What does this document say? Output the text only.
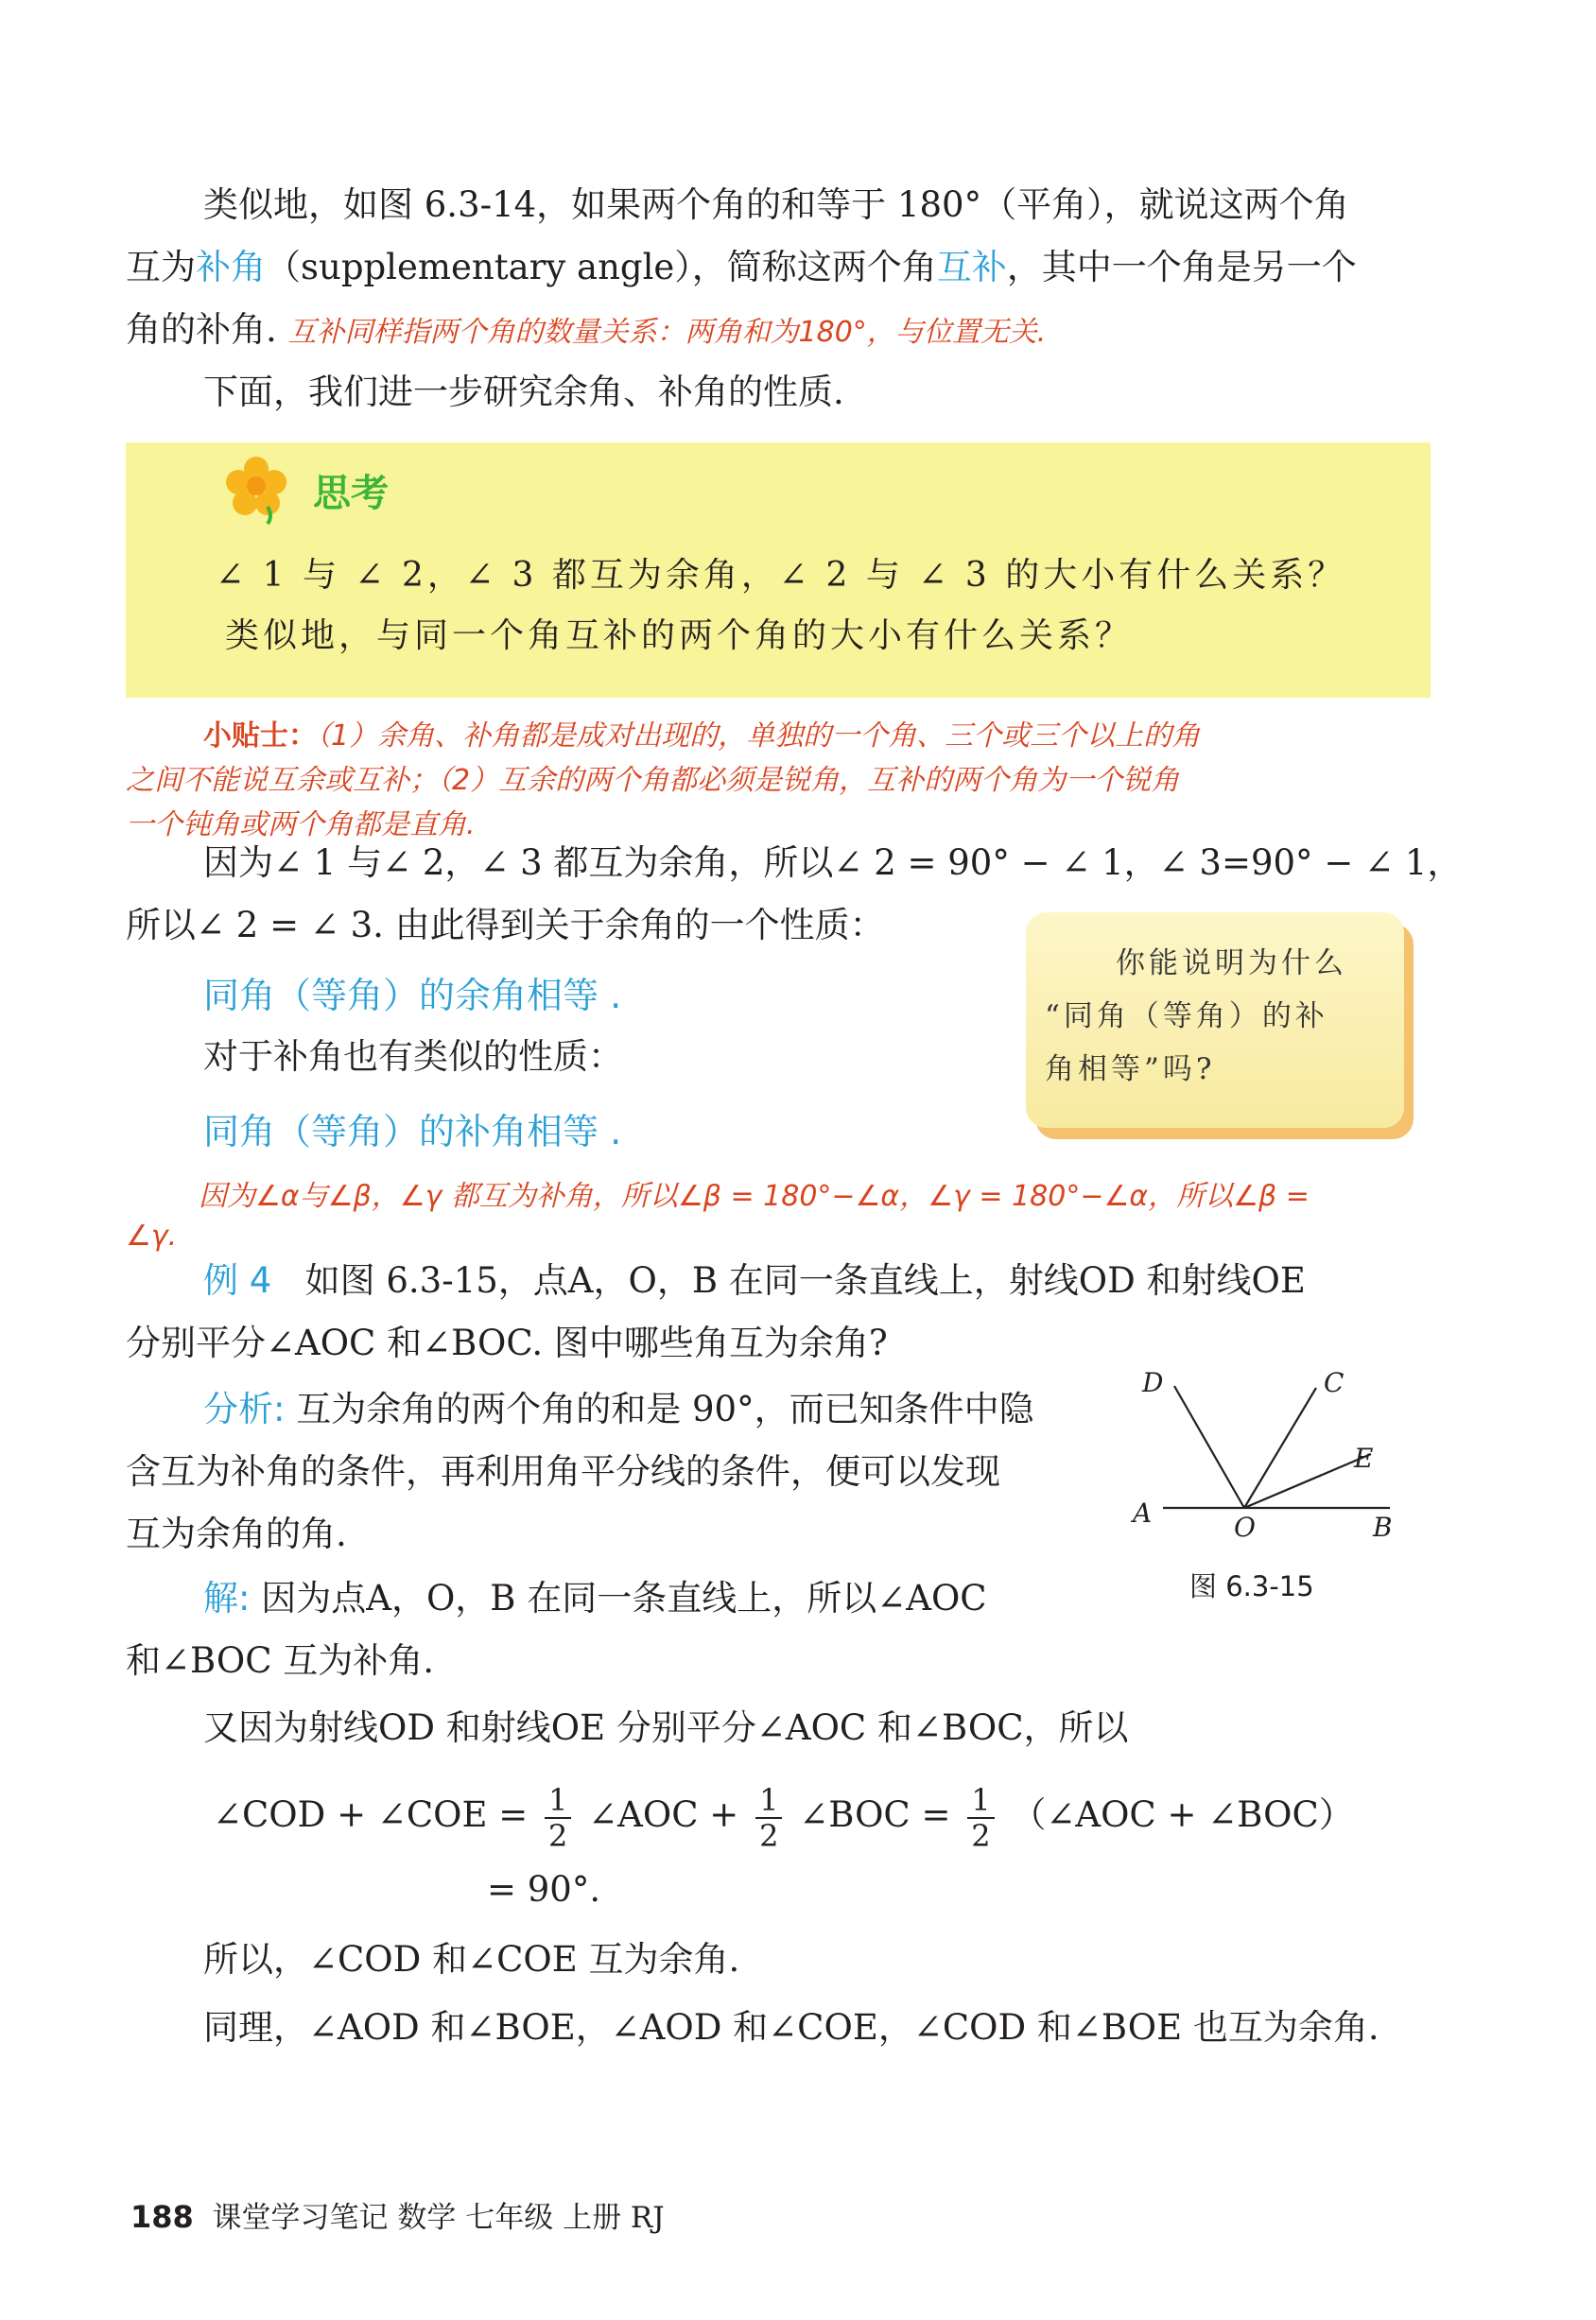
类似地，如图 6.3-14，如果两个角的和等于 180°（平角），就说这两个角
互为补角（supplementary angle），简称这两个角互补，其中一个角是另一个
角的补角. 互补同样指两个角的数量关系：两角和为180°，与位置无关.
下面，我们进一步研究余角、补角的性质.
思考
∠ 1 与 ∠ 2，∠ 3 都互为余角，∠ 2 与 ∠ 3 的大小有什么关系？
类似地，与同一个角互补的两个角的大小有什么关系？
小贴士：（1）余角、补角都是成对出现的，单独的一个角、三个或三个以上的角
之间不能说互余或互补；（2）互余的两个角都必须是锐角，互补的两个角为一个锐角
一个钝角或两个角都是直角.
因为∠ 1 与∠ 2，∠ 3 都互为余角，所以∠ 2 = 90° − ∠ 1，∠ 3=90° − ∠ 1，
所以∠ 2 = ∠ 3. 由此得到关于余角的一个性质：
同角（等角）的余角相等 .
对于补角也有类似的性质：
同角（等角）的补角相等 .
你能说明为什么
“同角（等角）的补
角相等”吗?
因为∠α与∠β，∠γ 都互为补角，所以∠β = 180°−∠α，∠γ = 180°−∠α，所以∠β =
∠γ.
例 4 如图 6.3-15，点A，O，B 在同一条直线上，射线OD 和射线OE
分别平分∠AOC 和∠BOC. 图中哪些角互为余角?
分析: 互为余角的两个角的和是 90°，而已知条件中隐
含互为补角的条件，再利用角平分线的条件，便可以发现
互为余角的角.
解: 因为点A，O，B 在同一条直线上，所以∠AOC
和∠BOC 互为补角.
又因为射线OD 和射线OE 分别平分∠AOC 和∠BOC，所以
∠COD + ∠COE = $\frac{1}{2}$ ∠AOC + $\frac{1}{2}$ ∠BOC = $\frac{1}{2}$ （∠AOC + ∠BOC）
= 90°.
所以，∠COD 和∠COE 互为余角.
同理，∠AOD 和∠BOE，∠AOD 和∠COE，∠COD 和∠BOE 也互为余角.
A	O	B
C
D
E
图 6.3-15
188 课堂学习笔记 数学 七年级 上册 RJ
